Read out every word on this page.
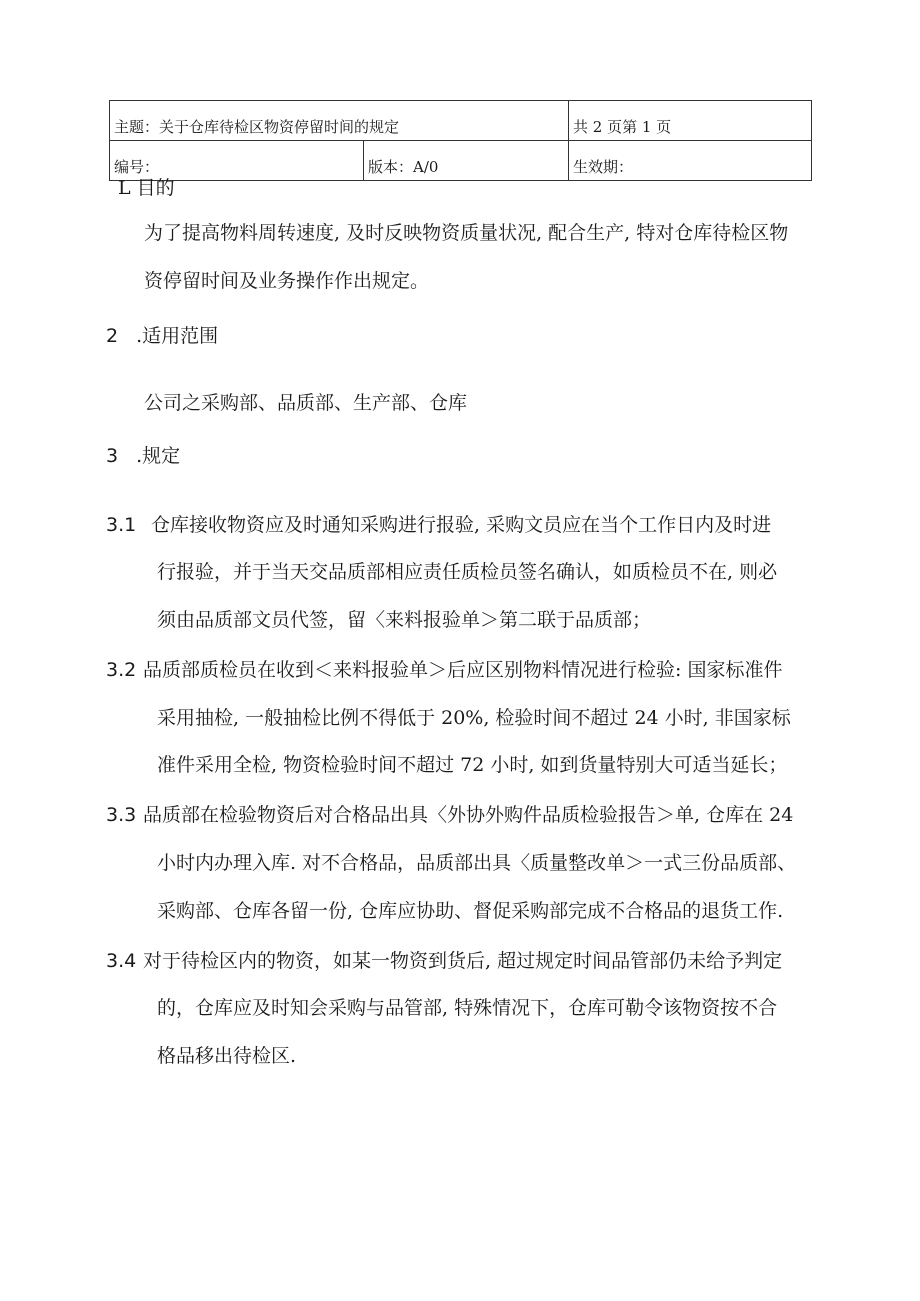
主题：关于仓库待检区物资停留时间的规定		共 2 页第 1 页
编号：	版本：A/0	生效期：
L 目的
为了提高物料周转速度, 及时反映物资质量状况, 配合生产, 特对仓库待检区物
资停留时间及业务操作作出规定。
2 .适用范围
公司之采购部、品质部、生产部、仓库
3 .规定
3.1 仓库接收物资应及时通知采购进行报验, 采购文员应在当个工作日内及时进
行报验，并于当天交品质部相应责任质检员签名确认，如质检员不在, 则必
须由品质部文员代签，留〈来料报验单＞第二联于品质部；
3.2 品质部质检员在收到＜来料报验单＞后应区别物料情况进行检验: 国家标准件
采用抽检, 一般抽检比例不得低于 20%, 检验时间不超过 24 小时, 非国家标
准件采用全检, 物资检验时间不超过 72 小时, 如到货量特别大可适当延长；
3.3 品质部在检验物资后对合格品出具〈外协外购件品质检验报告＞单, 仓库在 24
小时内办理入库. 对不合格品，品质部出具〈质量整改单＞一式三份品质部、
采购部、仓库各留一份, 仓库应协助、督促采购部完成不合格品的退货工作.
3.4 对于待检区内的物资，如某一物资到货后, 超过规定时间品管部仍未给予判定
的，仓库应及时知会采购与品管部, 特殊情况下，仓库可勒令该物资按不合
格品移出待检区.
